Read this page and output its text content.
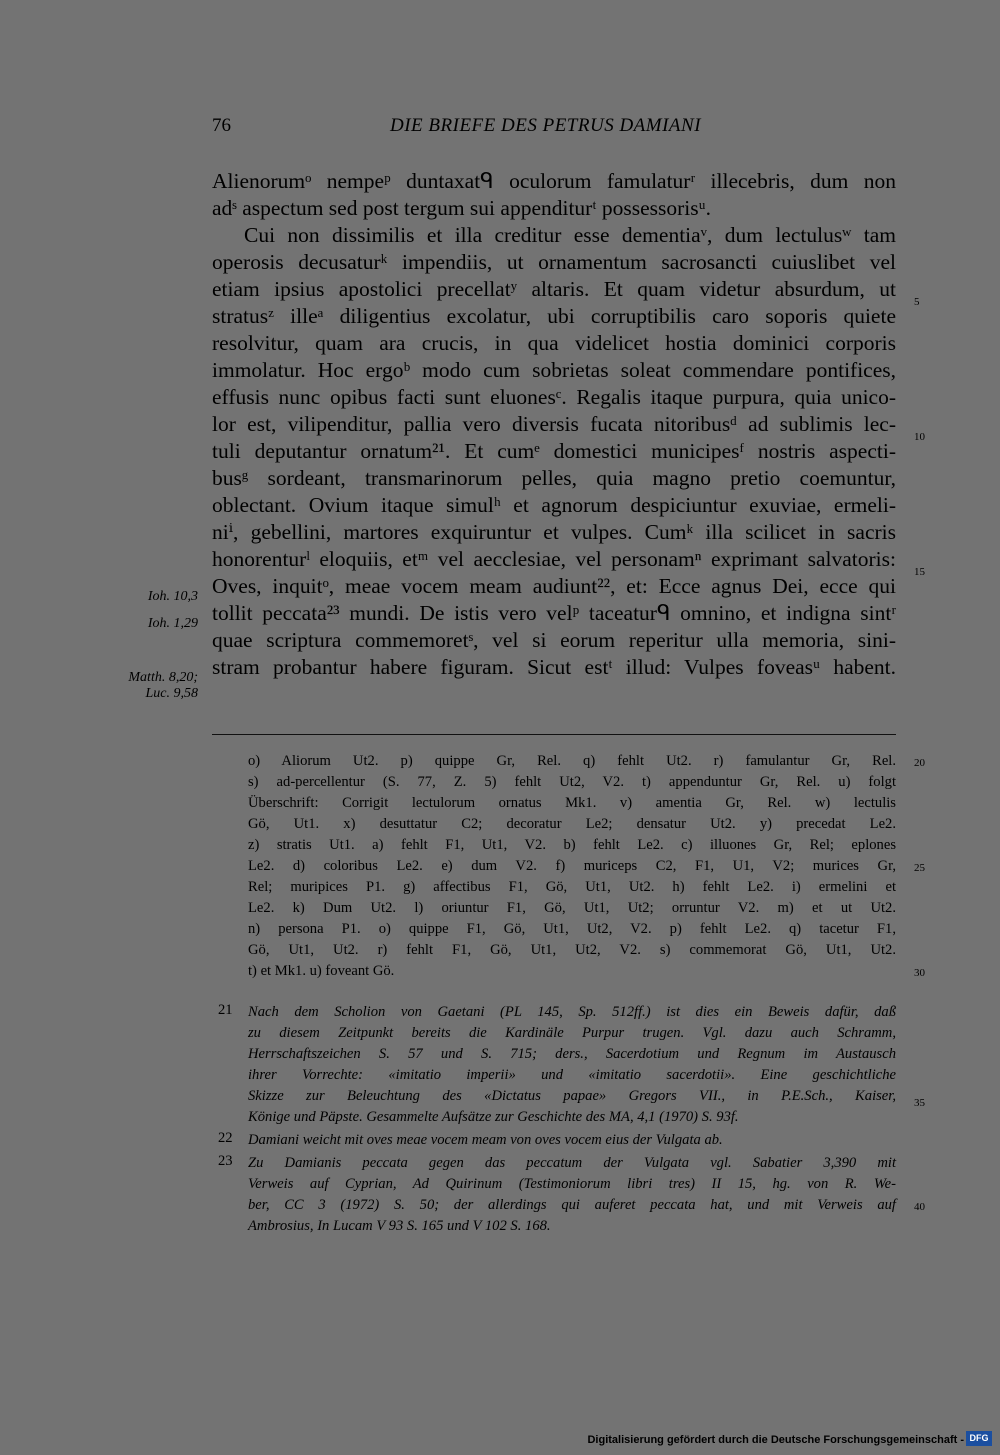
76	DIE BRIEFE DES PETRUS DAMIANI
Alienorumᵒ nempeᵖ duntaxatᑫ oculorum famulaturʳ illecebris, dum non
adˢ aspectum sed post tergum sui appenditurᵗ possessorisᵘ.
Cui non dissimilis et illa creditur esse dementiaᵛ, dum lectulusʷ tam
operosis decusaturᵏ impendiis, ut ornamentum sacrosancti cuiuslibet vel
etiam ipsius apostolici precellatʸ altaris. Et quam videtur absurdum, ut
stratusᶻ illeᵃ diligentius excolatur, ubi corruptibilis caro soporis quiete
resolvitur, quam ara crucis, in qua videlicet hostia dominici corporis
immolatur. Hoc ergoᵇ modo cum sobrietas soleat commendare pontifices,
effusis nunc opibus facti sunt eluonesᶜ. Regalis itaque purpura, quia unico-
lor est, vilipenditur, pallia vero diversis fucata nitoribusᵈ ad sublimis lec-
tuli deputantur ornatum²¹. Et cumᵉ domestici municipesᶠ nostris aspecti-
busᵍ sordeant, transmarinorum pelles, quia magno pretio coemuntur,
oblectant. Ovium itaque simulʰ et agnorum despiciuntur exuviae, ermeli-
niⁱ, gebellini, martores exquiruntur et vulpes. Cumᵏ illa scilicet in sacris
honorenturˡ eloquiis, etᵐ vel aecclesiae, vel personamⁿ exprimant salvatoris:
Oves, inquitᵒ, meae vocem meam audiunt²², et: Ecce agnus Dei, ecce qui
tollit peccata²³ mundi. De istis vero velᵖ taceaturᑫ omnino, et indigna sintʳ
quae scriptura commemoretˢ, vel si eorum reperitur ulla memoria, sini-
stram probantur habere figuram. Sicut estᵗ illud: Vulpes foveasᵘ habent.
Ioh. 10,3
Ioh. 1,29
Matth. 8,20;
Luc. 9,58
5
10
15
20
25
30
35
40
o) Aliorum Ut2. p) quippe Gr, Rel. q) fehlt Ut2. r) famulantur Gr, Rel.
s) ad-percellentur (S. 77, Z. 5) fehlt Ut2, V2. t) appenduntur Gr, Rel. u) folgt
Überschrift: Corrigit lectulorum ornatus Mk1. v) amentia Gr, Rel. w) lectulis
Gö, Ut1. x) desuttatur C2; decoratur Le2; densatur Ut2. y) precedat Le2.
z) stratis Ut1. a) fehlt F1, Ut1, V2. b) fehlt Le2. c) illuones Gr, Rel; eplones
Le2. d) coloribus Le2. e) dum V2. f) muriceps C2, F1, U1, V2; murices Gr,
Rel; muripices P1. g) affectibus F1, Gö, Ut1, Ut2. h) fehlt Le2. i) ermelini et
Le2. k) Dum Ut2. l) oriuntur F1, Gö, Ut1, Ut2; orruntur V2. m) et ut Ut2.
n) persona P1. o) quippe F1, Gö, Ut1, Ut2, V2. p) fehlt Le2. q) tacetur F1,
Gö, Ut1, Ut2. r) fehlt F1, Gö, Ut1, Ut2, V2. s) commemorat Gö, Ut1, Ut2.
t) et Mk1. u) foveant Gö.
21 Nach dem Scholion von Gaetani (PL 145, Sp. 512ff.) ist dies ein Beweis dafür, daß
zu diesem Zeitpunkt bereits die Kardinäle Purpur trugen. Vgl. dazu auch Schramm,
Herrschaftszeichen S. 57 und S. 715; ders., Sacerdotium und Regnum im Austausch
ihrer Vorrechte: «imitatio imperii» und «imitatio sacerdotii». Eine geschichtliche
Skizze zur Beleuchtung des «Dictatus papae» Gregors VII., in P.E.Sch., Kaiser,
Könige und Päpste. Gesammelte Aufsätze zur Geschichte des MA, 4,1 (1970) S. 93f.
22 Damiani weicht mit oves meae vocem meam von oves vocem eius der Vulgata ab.
23 Zu Damianis peccata gegen das peccatum der Vulgata vgl. Sabatier 3,390 mit
Verweis auf Cyprian, Ad Quirinum (Testimoniorum libri tres) II 15, hg. von R. We-
ber, CC 3 (1972) S. 50; der allerdings qui auferet peccata hat, und mit Verweis auf
Ambrosius, In Lucam V 93 S. 165 und V 102 S. 168.
Digitalisierung gefördert durch die Deutsche Forschungsgemeinschaft - DFG
